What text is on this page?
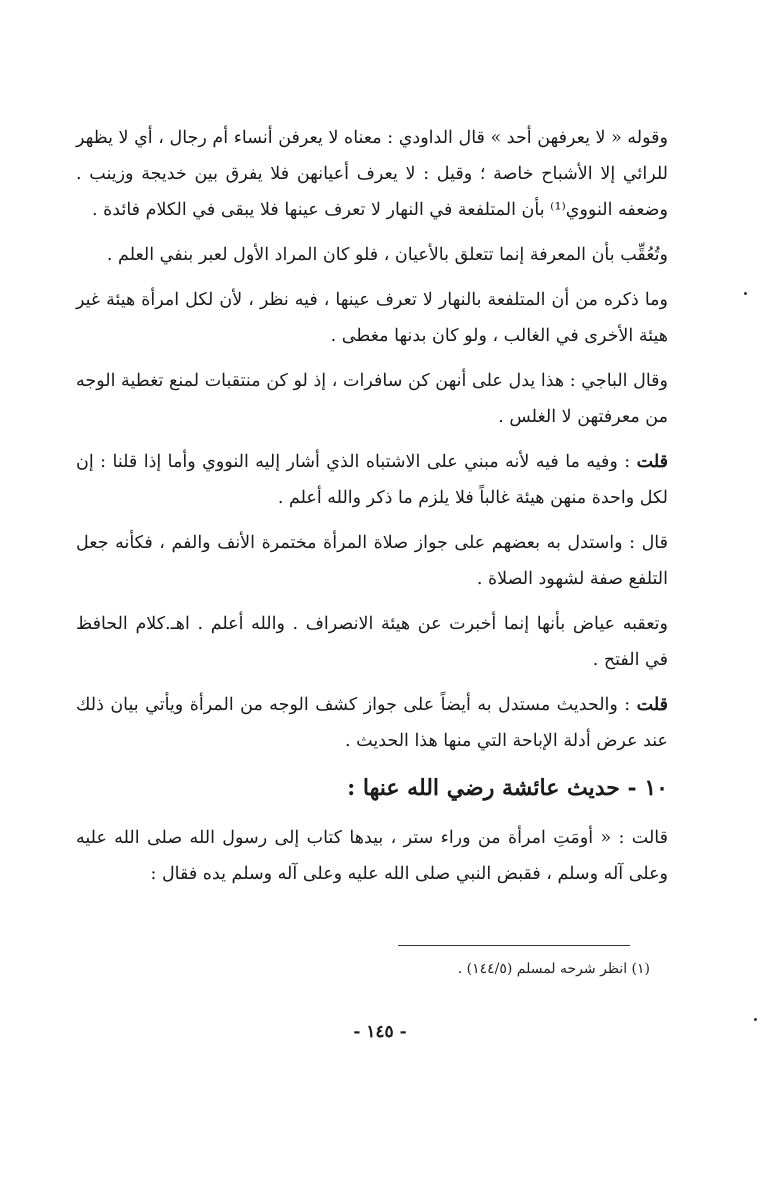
وقوله « لا يعرفهن أحد » قال الداودي : معناه لا يعرفن أنساء أم رجال ، أي لا يظهر للرائي إلا الأشباح خاصة ؛ وقيل : لا يعرف أعيانهن فلا يفرق بين خديجة وزينب . وضعفه النووي⁽¹⁾ بأن المتلفعة في النهار لا تعرف عينها فلا يبقى في الكلام فائدة .

وتُعُقِّب بأن المعرفة إنما تتعلق بالأعيان ، فلو كان المراد الأول لعبر بنفي العلم .

وما ذكره من أن المتلفعة بالنهار لا تعرف عينها ، فيه نظر ، لأن لكل امرأة هيئة غير هيئة الأخرى في الغالب ، ولو كان بدنها مغطى .

وقال الباجي : هذا يدل على أنهن كن سافرات ، إذ لو كن منتقبات لمنع تغطية الوجه من معرفتهن لا الغلس .

قلت : وفيه ما فيه لأنه مبني على الاشتباه الذي أشار إليه النووي وأما إذا قلنا : إن لكل واحدة منهن هيئة غالباً فلا يلزم ما ذكر والله أعلم .

قال : واستدل به بعضهم على جواز صلاة المرأة مختمرة الأنف والفم ، فكأنه جعل التلفع صفة لشهود الصلاة .

وتعقبه عياض بأنها إنما أخبرت عن هيئة الانصراف . والله أعلم . اهـ.كلام الحافظ في الفتح .

قلت : والحديث مستدل به أيضاً على جواز كشف الوجه من المرأة ويأتي بيان ذلك عند عرض أدلة الإباحة التي منها هذا الحديث .

١٠ - حديث عائشة رضي الله عنها :

قالت : « أومَتِ امرأة من وراء ستر ، بيدها كتاب إلى رسول الله صلى الله عليه وعلى آله وسلم ، فقبض النبي صلى الله عليه وعلى آله وسلم يده فقال :

(١) انظر شرحه لمسلم (١٤٤/٥) .
- ١٤٥ -
